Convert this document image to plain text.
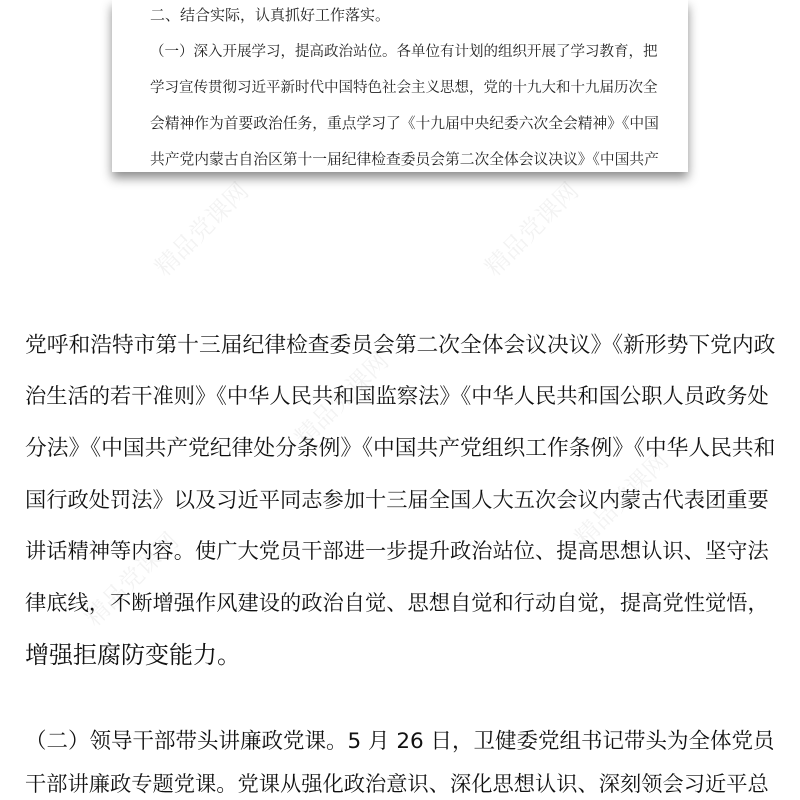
精品党课网	精品党课网
精品党课网
精品党课网
精品党课网
二、结合实际，认真抓好工作落实。
（一）深入开展学习，提高政治站位。各单位有计划的组织开展了学习教育，把
学习宣传贯彻习近平新时代中国特色社会主义思想，党的十九大和十九届历次全
会精神作为首要政治任务，重点学习了《十九届中央纪委六次全会精神》《中国
共产党内蒙古自治区第十一届纪律检查委员会第二次全体会议决议》《中国共产
党呼和浩特市第十三届纪律检查委员会第二次全体会议决议》《新形势下党内政
治生活的若干准则》《中华人民共和国监察法》《中华人民共和国公职人员政务处
分法》《中国共产党纪律处分条例》《中国共产党组织工作条例》《中华人民共和
国行政处罚法》以及习近平同志参加十三届全国人大五次会议内蒙古代表团重要
讲话精神等内容。使广大党员干部进一步提升政治站位、提高思想认识、坚守法
律底线，不断增强作风建设的政治自觉、思想自觉和行动自觉，提高党性觉悟，
增强拒腐防变能力。
（二）领导干部带头讲廉政党课。5 月 26 日，卫健委党组书记带头为全体党员
干部讲廉政专题党课。党课从强化政治意识、深化思想认识、深刻领会习近平总
